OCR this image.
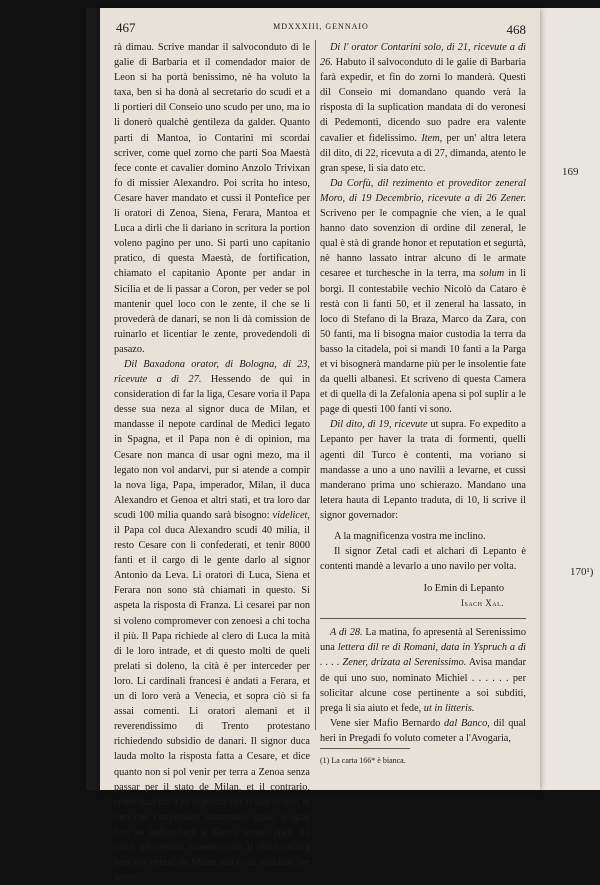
169
170¹)
467	MDXXXIII, GENNAIO	468

rà dimau. Scrive mandar il salvoconduto di le galie di Barbaria et il comendador maior de Leon si ha portà benissimo, nè ha voluto la taxa, ben si ha donà al secretario do scudi et a li portieri dil Conseio uno scudo per uno, ma io li donerò qualchè gentileza da galder. Quanto parti di Mantoa, io Contarini mi scordai scriver, come quel zorno che parti Soa Maestà fece conte et cavalier domino Anzolo Trivixan fo di missier Alexandro. Poi scrita ho inteso, Cesare haver mandato et cussì il Pontefice per li oratori di Zenoa, Siena, Ferara, Mantoa et Luca a dirli che li dariano in scritura la portion voleno pagino per uno. Si partì uno capitanio pratico, di questa Maestà, de fortification, chiamato el capitanio Aponte per andar in Sicilia et de li passar a Coron, per veder se pol mantenir quel loco con le zente, il che se li provederà de danari, se non li dà comission de ruinarlo et licentiar le zente, provedendoli di pasazo.

Dil Baxadona orator, di Bologna, di 23, ricevute a dì 27. Hessendo de qui in consideration di far la liga, Cesare voria il Papa desse sua neza al signor duca de Milan, et mandasse il nepote cardinal de Medici legato in Spagna, et il Papa non è di opinion, ma Cesare non manca di usar ogni mezo, ma il legato non vol andarvi, pur si atende a compir la nova liga, Papa, imperador, Milan, il duca Alexandro et Genoa et altri stati, et tra loro dar scudi 100 milia quando sarà bisogno: videlicet, il Papa col duca Alexandro scudi 40 milia, il resto Cesare con li confederati, et tenir 8000 fanti et il cargo di le gente darlo al signor Antonio da Leva. Li oratori di Luca, Siena et Ferara non sono stà chiamati in questo. Si aspeta la risposta di Franza. Li cesarei par non si voleno compromever con zenoesi a chi tocha il più. Il Papa richiede al clero di Luca la mità di le loro intrade, et di questo molti de queli prelati si doleno, la cità è per interceder per loro. Li cardinali francesi è andati a Ferara, et un di loro verà a Venecia, et sopra ciò si fa assai comenti. Li oratori alemani et il reverendissimo di Trento protestano richiedendo subsidio de danari. Il signor duca lauda molto la risposta fatta a Cesare, et dice quanto non si pol venir per terra a Zenoa senza passar per il stato de Milan, et il contrario, come farà dir a la Signoria per il suo orator, et tien che l'imperador dimanderà galie, il qual non se imbarcherà a Zenoa avanti april. Li conti dil credito havemo con il duca ancora non son venuti da Milan, ma è stà solicitati per letere.

Di l' orator Contarini solo, di 21, ricevute a dì 26. Habuto il salvoconduto di le galie di Barbaria farà expedir, et fin do zorni lo manderà. Questi dil Conseio mi domandano quando verà la risposta di la suplication mandata di do veronesi di Pedemonti, dicendo suo padre era valente cavalier et fidelissimo. Item, per un' altra letera dil dito, di 22, ricevuta a dì 27, dimanda, atento le gran spese, li sia dato etc.

Da Corfù, dil rezimento et proveditor zeneral Moro, di 19 Decembrio, ricevute a dì 26 Zener. Scriveno per le compagnie che vien, a le qual hanno dato sovenzion di ordine dil zeneral, le qual è stà di grande honor et reputation et segurtà, nè hanno lassato intrar alcuno di le armate cesaree et turchesche in la terra, ma solum in li borgi. Il contestabile vechio Nicolò da Cataro è restà con li fanti 50, et il zeneral ha lassato, in loco di Stefano di la Braza, Marco da Zara, con 50 fanti, ma li bisogna maior custodia la terra da basso la citadela, poi si mandi 10 fanti a la Parga et vi bisognerà mandarne più per le insolentie fate da quelli albanesi. Et scriveno di questa Camera et di quella di la Zefalonia apena si pol suplir a le page di questi 100 fanti vi sono.

Dil dito, di 19, ricevute ut supra. Fo expedito a Lepanto per haver la trata di formenti, quelli agenti dil Turco è contenti, ma voriano si mandasse a uno a uno navilii a levarne, et cussì manderano prima uno schierazo. Mandano una letera hauta di Lepanto traduta, di 10, li scrive il signor governador:

A la magnificenza vostra me inclino.

Il signor Zetal cadì et alchari di Lepanto è contenti mandè a levarlo a uno navilo per volta.

Io Emin di Lepanto
Isach Xal.

A dì 28. La matina, fo apresentà al Serenissimo una lettera dil re di Romani, data in Yspruch a dì . . . . Zener, drizata al Serenissimo. Avisa mandar de qui uno suo, nominato Michiel . . . . . . per solicitar alcune cose pertinente a soi subditi, prega li sia aiuto et fede, ut in litteris.

Vene sier Mafio Bernardo dal Banco, dil qual heri in Pregadi fo voluto cometer a l'Avogaria,

(1) La carta 166* è bianca.
